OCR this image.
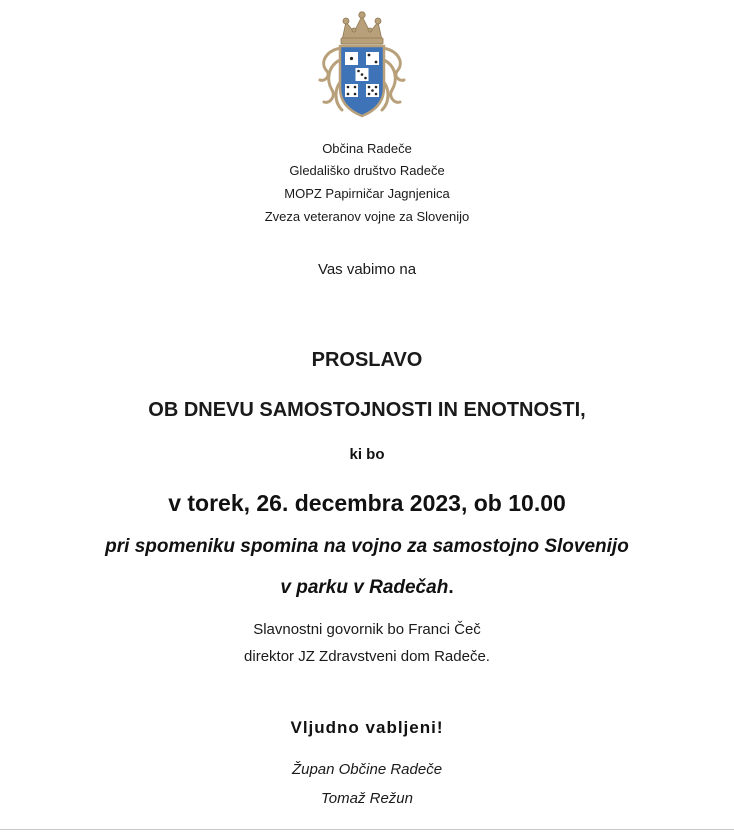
Občina Radeče
Gledališko društvo Radeče
MOPZ Papirničar Jagnjenica
Zveza veteranov vojne za Slovenijo
Vas vabimo na
PROSLAVO
OB DNEVU SAMOSTOJNOSTI IN ENOTNOSTI,
ki bo
v torek, 26. decembra 2023, ob 10.00
pri spomeniku spomina na vojno za samostojno Slovenijo
v parku v Radečah.
Slavnostni govornik bo Franci Čeč
direktor JZ Zdravstveni dom Radeče.
Vljudno vabljeni!
Župan Občine Radeče
Tomaž Režun
